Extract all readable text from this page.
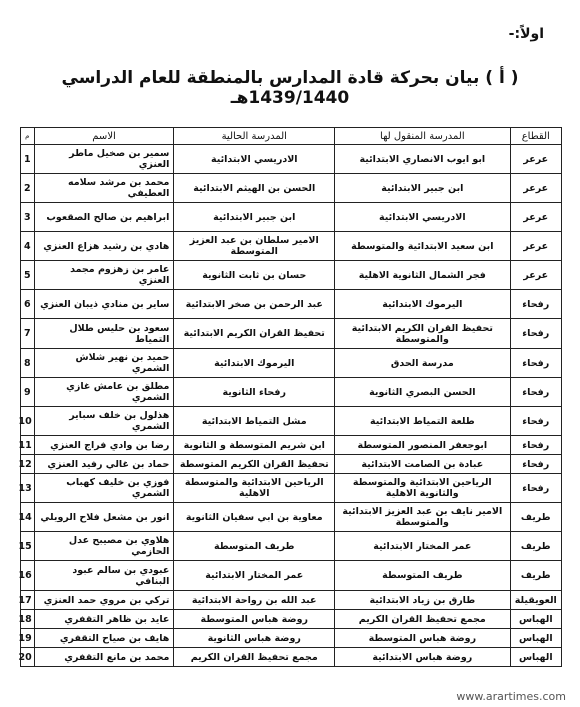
اولاً:-
( أ ) بيان بحركة قادة المدارس بالمنطقة للعام الدراسي 1439/1440هـ
القطاع	المدرسة المنقول لها	المدرسة الحالية	الاسم	م
عرعر	ابو ايوب الانصاري الابتدائية	الادريسي الابتدائية	سمير بن صخيل ماطر العنزي	1
عرعر	ابن جبير الابتدائية	الحسن بن الهيثم الابتدائية	محمد بن مرشد سلامه العطيفي	2
عرعر	الادريسي الابتدائية	ابن جبير الابتدائية	ابراهيم بن صالح الصقعوب	3
عرعر	ابن سعيد الابتدائية والمتوسطة	الامير سلطان بن عبد العزيز المتوسطة	هادي بن رشيد هزاع العنزي	4
عرعر	فجر الشمال الثانوية الاهلية	حسان بن ثابت الثانوية	عامر بن زهزوم مجمد العنزي	5
رفحاء	اليرموك الابتدائية	عبد الرحمن بن صخر الابتدائية	ساير بن منادي ذيبان العنزي	6
رفحاء	تحفيظ القران الكريم الابتدائية والمتوسطة	تحفيظ القران الكريم الابتدائية	سعود بن حليس طلال التمياط	7
رفحاء	مدرسة الحدق	اليرموك الابتدائية	حميد بن نهير شلاش الشمري	8
رفحاء	الحسن البصري الثانوية	رفحاء الثانوية	مطلق بن عامش غازي الشمري	9
رفحاء	طلعة التمياط الابتدائية	مشل التمياط الابتدائية	هذلول بن خلف سباير الشمري	10
رفحاء	ابوجعفر المنصور المتوسطة	ابن شريم المتوسطة و الثانوية	رضا بن وادي فراج العنزي	11
رفحاء	عبادة بن الصامت الابتدائية	تحفيظ القران الكريم المتوسطة	حماد بن غالي رفيد العنزي	12
رفحاء	الرياحين الابتدائية والمتوسطة والثانوية الاهلية	الرياحين الابتدائية والمتوسطة الاهلية	فوزي بن خليف كهباب الشمري	13
طريف	الامير نايف بن عبد العزيز الابتدائية والمتوسطة	معاوية بن ابي سفيان الثانوية	انور بن مشعل فلاح الرويلي	14
طريف	عمر المختار الابتدائية	طريف المتوسطة	هلاوي بن مصيبح عدل الحازمي	15
طريف	طريف المتوسطة	عمر المختار الابتدائية	عبودي بن سالم عبود البنافي	16
العويقيلة	طارق بن زياد الابتدائية	عبد الله بن رواحة الابتدائية	تركي بن مروي حمد العنزي	17
الهباس	مجمع تحفيظ القران الكريم	روضة هباس المتوسطة	عايد بن ظاهر التقفري	18
الهباس	روضة هباس المتوسطة	روضة هباس الثانوية	هايف بن صياح التقفري	19
الهباس	روضة هباس الابتدائية	مجمع تحفيظ القران الكريم	محمد بن مانع التقفري	20
www.arartimes.com
